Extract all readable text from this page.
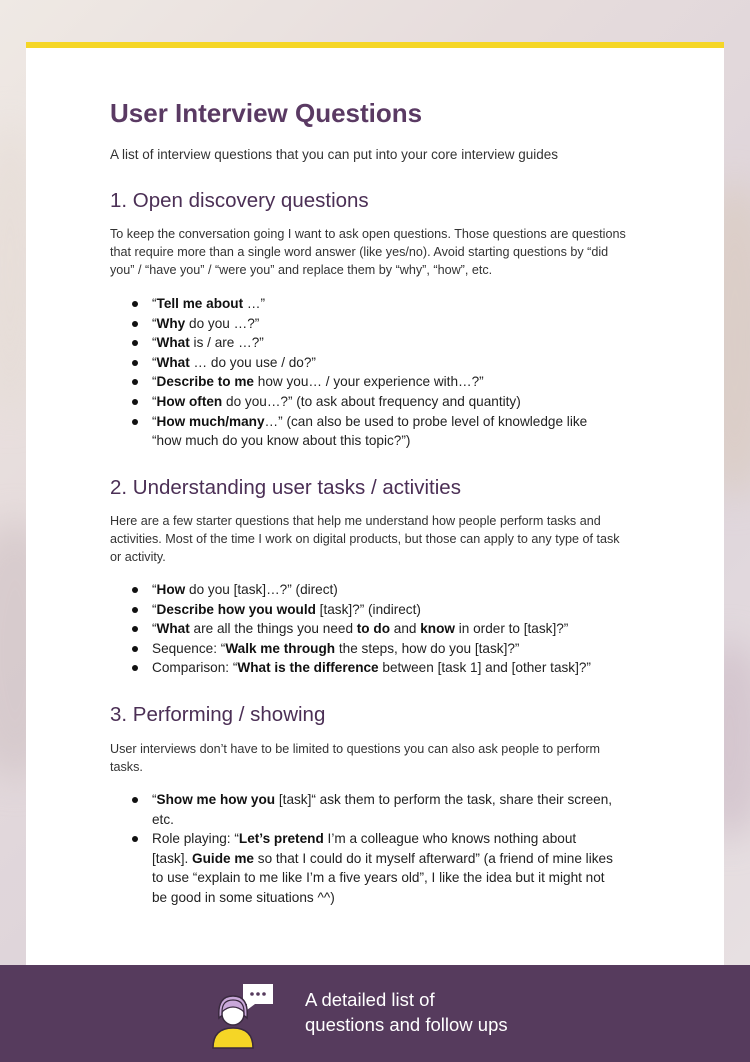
User Interview Questions

A list of interview questions that you can put into your core interview guides

1. Open discovery questions

To keep the conversation going I want to ask open questions. Those questions are questions that require more than a single word answer (like yes/no). Avoid starting questions by “did you” / “have you” / “were you” and replace them by “why”, “how”, etc.

“Tell me about …”
“Why do you …?”
“What is / are …?”
“What … do you use / do?”
“Describe to me how you… / your experience with…?”
“How often do you…?” (to ask about frequency and quantity)
“How much/many…” (can also be used to probe level of knowledge like “how much do you know about this topic?”)
2. Understanding user tasks / activities

Here are a few starter questions that help me understand how people perform tasks and activities. Most of the time I work on digital products, but those can apply to any type of task or activity.

“How do you [task]…?” (direct)
“Describe how you would [task]?” (indirect)
“What are all the things you need to do and know in order to [task]?”
Sequence: “Walk me through the steps, how do you [task]?”
Comparison: “What is the difference between [task 1] and [other task]?”
3. Performing / showing

User interviews don’t have to be limited to questions you can also ask people to perform tasks.

“Show me how you [task]“ ask them to perform the task, share their screen, etc.
Role playing: “Let’s pretend I’m a colleague who knows nothing about [task]. Guide me so that I could do it myself afterward” (a friend of mine likes to use “explain to me like I’m a five years old”, I like the idea but it might not be good in some situations ^^)
A detailed list of
questions and follow ups
